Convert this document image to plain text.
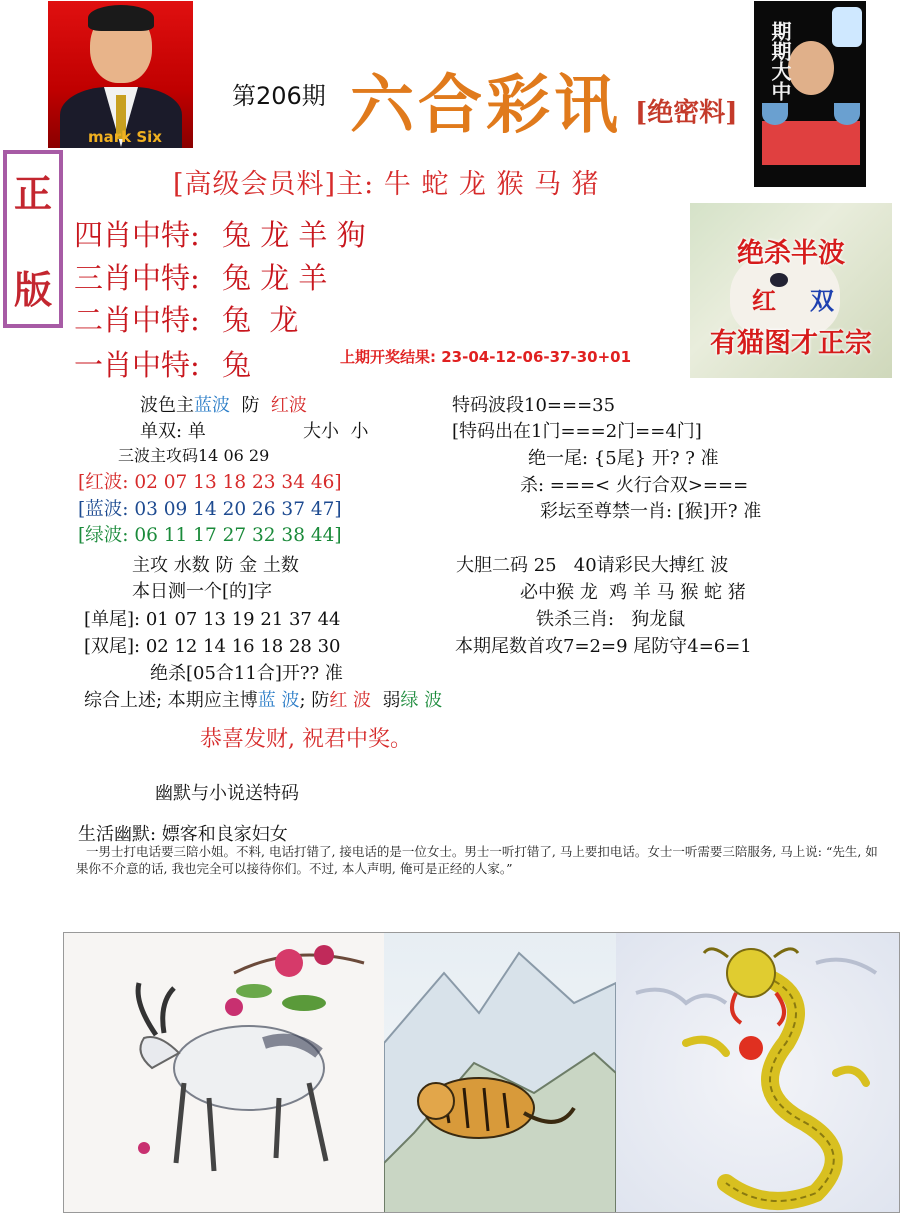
mark Six
第206期 六合彩讯 [绝密料]
期期大中
正
版
[高级会员料]主: 牛 蛇 龙 猴 马 猪
四肖中特: 兔 龙 羊 狗
三肖中特: 兔 龙 羊
二肖中特: 兔  龙
一肖中特: 兔	上期开奖结果: 23-04-12-06-37-30+01
绝杀半波
红 双
有猫图才正宗
波色主蓝波  防  红波
单双: 单	大小  小
三波主攻码14 06 29
[红波: 02 07 13 18 23 34 46]
[蓝波: 03 09 14 20 26 37 47]
[绿波: 06 11 17 27 32 38 44]
主攻 水数 防 金 土数
本日测一个[的]字
[单尾]: 01 07 13 19 21 37 44
[双尾]: 02 12 14 16 18 28 30
绝杀[05合11合]开?? 准
特码波段10===35
[特码出在1门===2门==4门]
绝一尾: {5尾} 开? ? 准
杀: ===< 火行合双>===
彩坛至尊禁一肖: [猴]开? 准
大胆二码 25   40请彩民大搏红 波
必中猴 龙  鸡 羊 马 猴 蛇 猪
铁杀三肖:   狗龙鼠
本期尾数首攻7=2=9 尾防守4=6=1
综合上述; 本期应主博蓝 波; 防红 波  弱绿 波
恭喜发财, 祝君中奖。
幽默与小说送特码
生活幽默: 嫖客和良家妇女
一男士打电话要三陪小姐。不料, 电话打错了, 接电话的是一位女士。男士一听打错了, 马上要扣电话。女士一听需要三陪服务, 马上说: “先生, 如果你不介意的话, 我也完全可以接待你们。不过, 本人声明, 俺可是正经的人家。”
